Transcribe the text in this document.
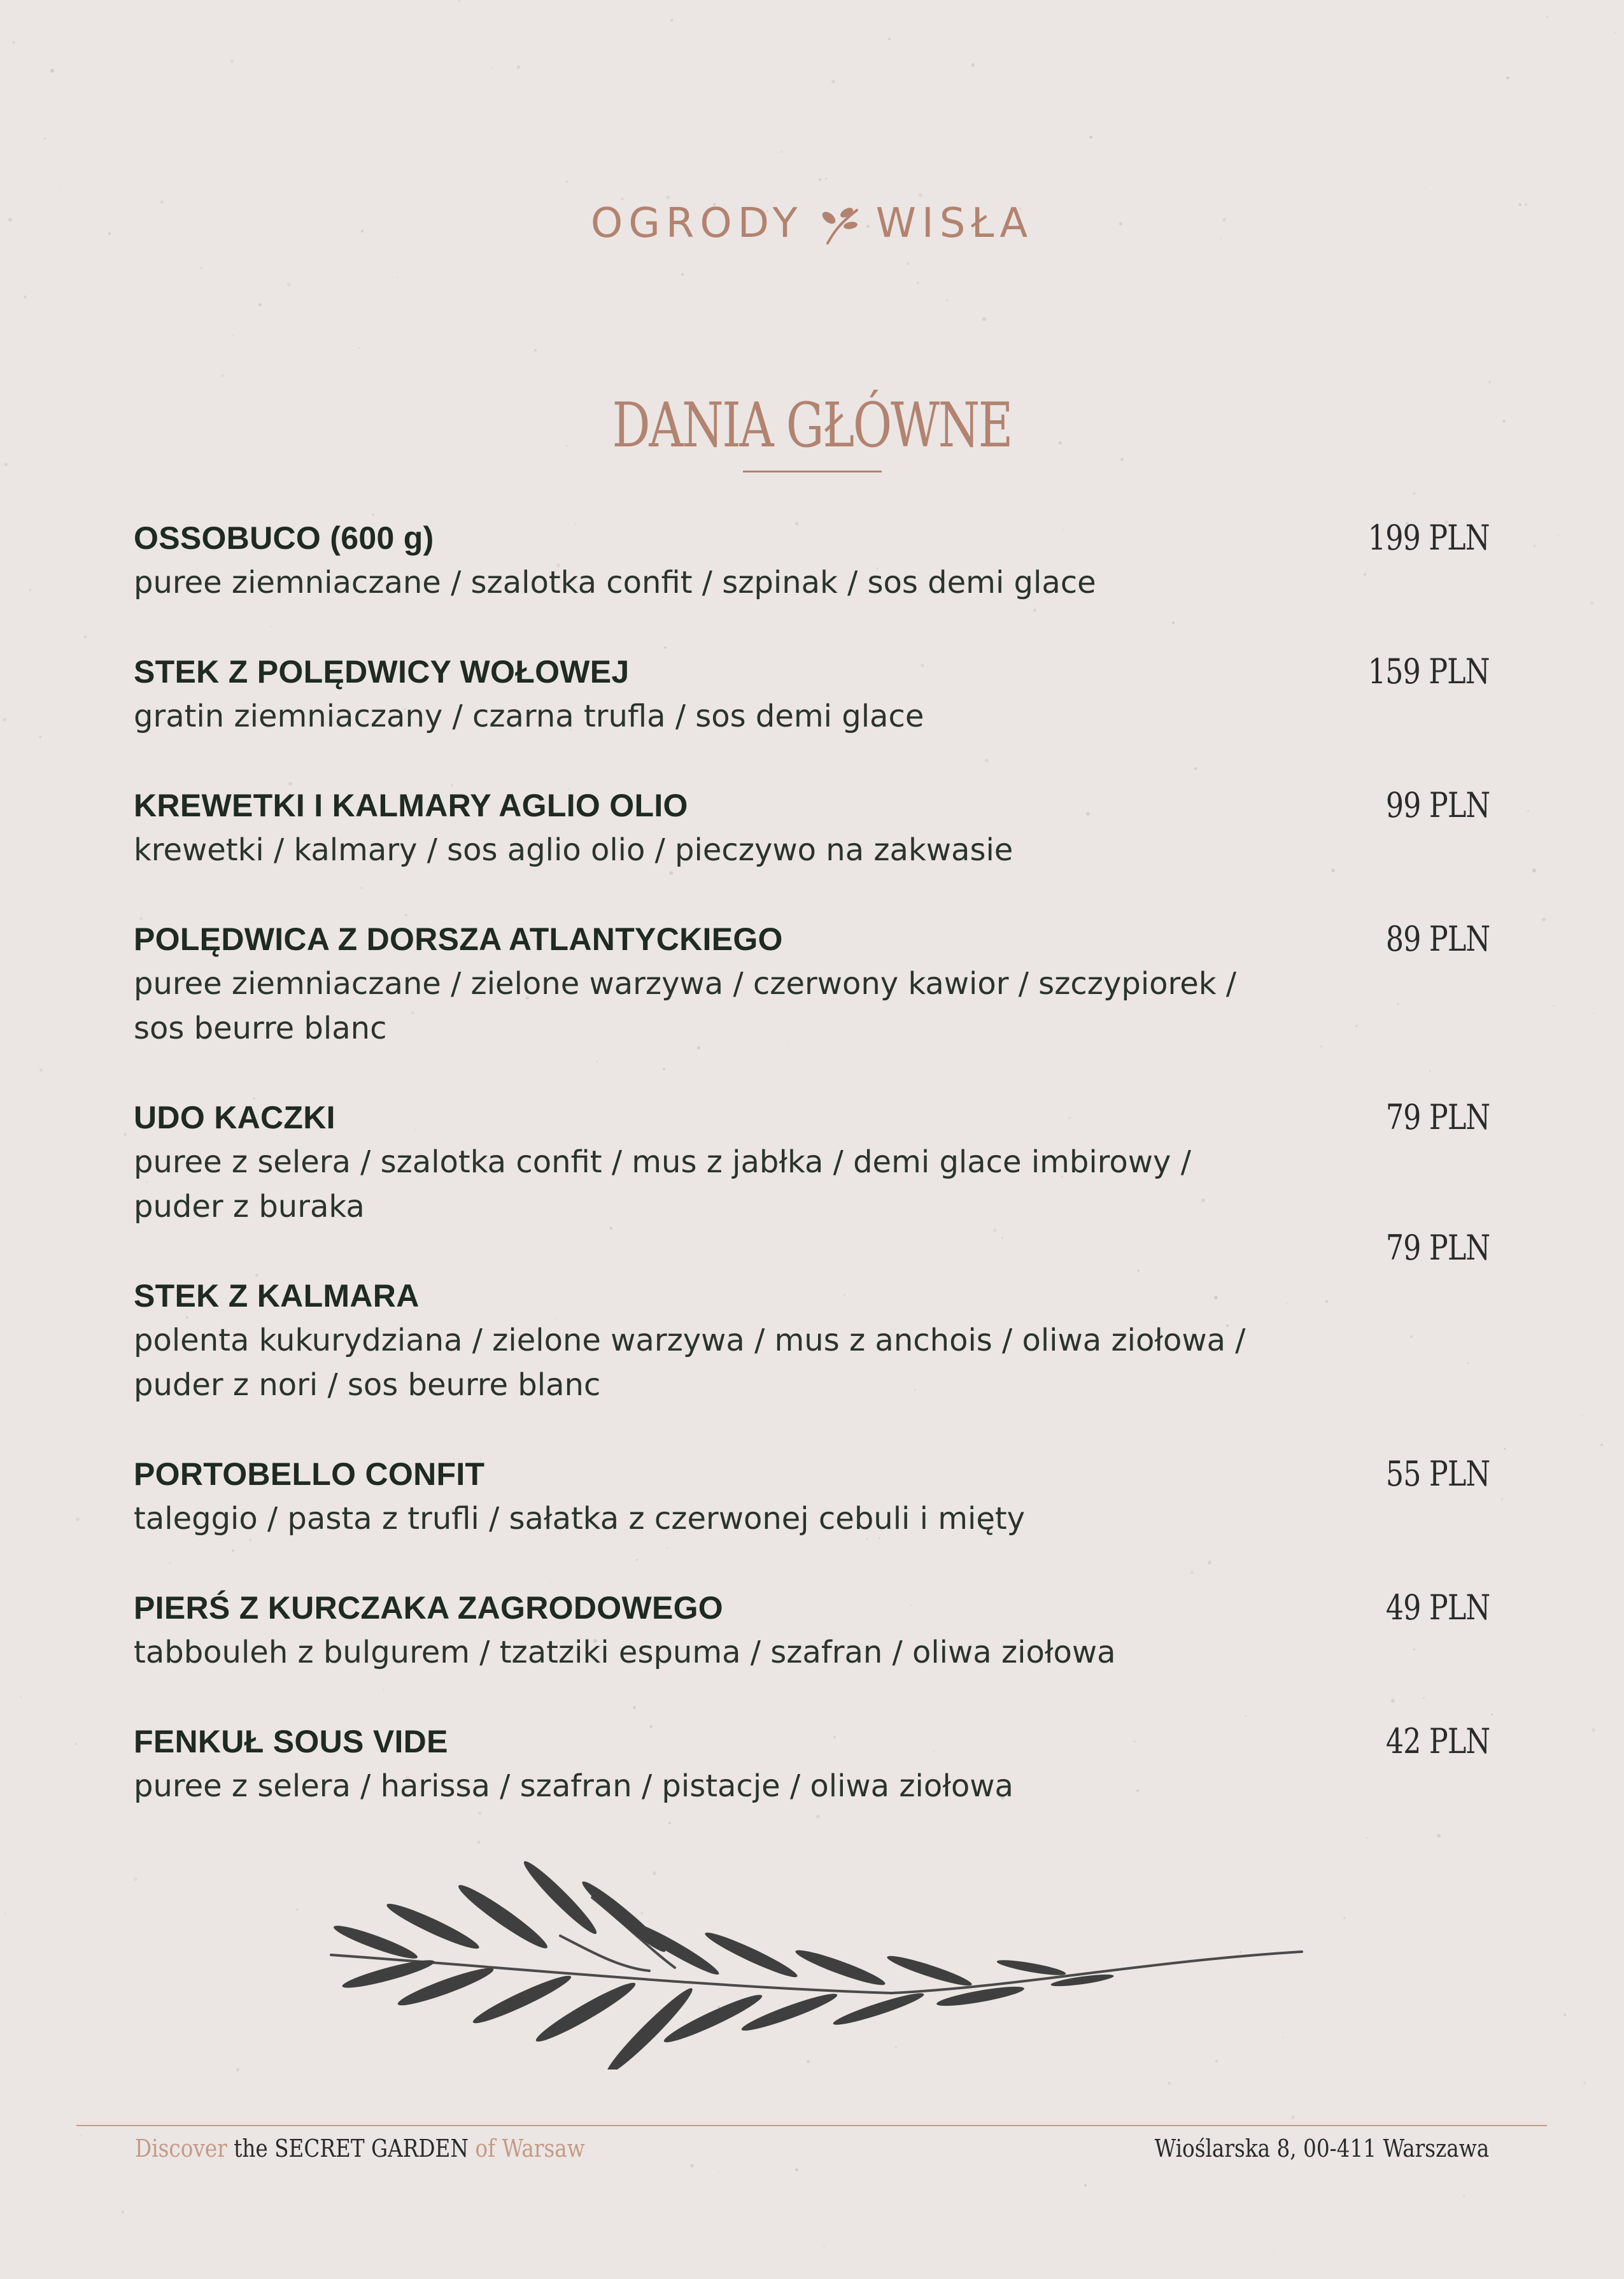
OGRODY WISŁA
DANIA GŁÓWNE
OSSOBUCO (600 g)
puree ziemniaczane / szalotka confit / szpinak / sos demi glace
199 PLN
STEK Z POLĘDWICY WOŁOWEJ
gratin ziemniaczany / czarna trufla / sos demi glace
159 PLN
KREWETKI I KALMARY AGLIO OLIO
krewetki / kalmary / sos aglio olio / pieczywo na zakwasie
99 PLN
POLĘDWICA Z DORSZA ATLANTYCKIEGO
puree ziemniaczane / zielone warzywa / czerwony kawior / szczypiorek / sos beurre blanc
89 PLN
UDO KACZKI
puree z selera / szalotka confit / mus z jabłka / demi glace imbirowy / puder z buraka
79 PLN
STEK Z KALMARA
polenta kukurydziana / zielone warzywa / mus z anchois / oliwa ziołowa / puder z nori / sos beurre blanc
79 PLN
PORTOBELLO CONFIT
taleggio / pasta z trufli / sałatka z czerwonej cebuli i mięty
55 PLN
PIERŚ Z KURCZAKA ZAGRODOWEGO
tabbouleh z bulgurem / tzatziki espuma / szafran / oliwa ziołowa
49 PLN
FENKUŁ SOUS VIDE
puree z selera / harissa / szafran / pistacje / oliwa ziołowa
42 PLN
Discover the SECRET GARDEN of Warsaw	Wioślarska 8, 00-411 Warszawa
